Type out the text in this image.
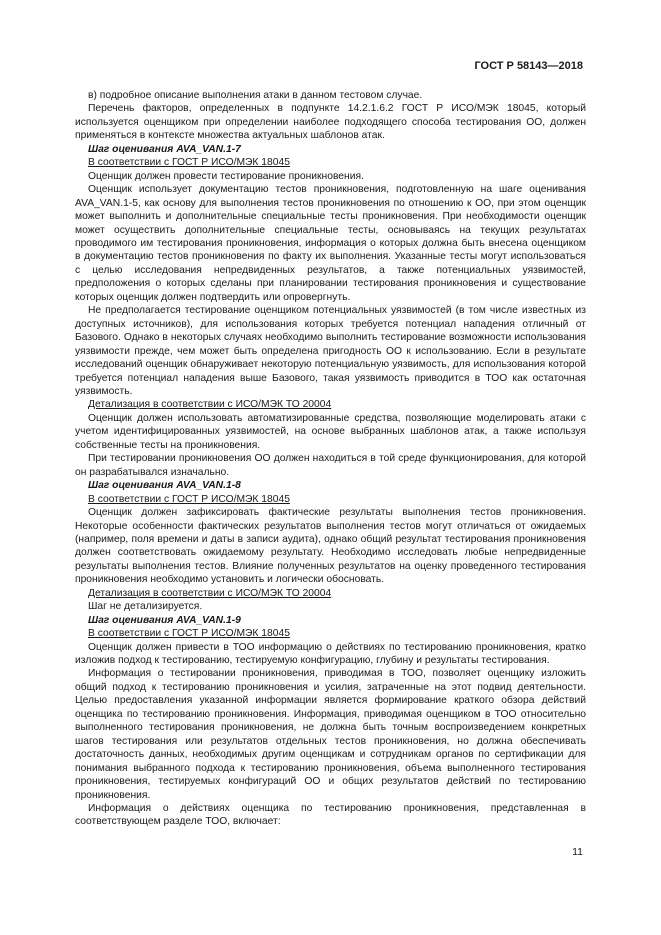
ГОСТ Р 58143—2018

в) подробное описание выполнения атаки в данном тестовом случае.

Перечень факторов, определенных в подпункте 14.2.1.6.2 ГОСТ Р ИСО/МЭК 18045, который используется оценщиком при определении наиболее подходящего способа тестирования ОО, должен применяться в контексте множества актуальных шаблонов атак.

Шаг оценивания AVA_VAN.1-7

В соответствии с ГОСТ Р ИСО/МЭК 18045

Оценщик должен провести тестирование проникновения.

Оценщик использует документацию тестов проникновения, подготовленную на шаге оценивания AVA_VAN.1-5, как основу для выполнения тестов проникновения по отношению к ОО, при этом оценщик может выполнить и дополнительные специальные тесты проникновения. При необходимости оценщик может осуществить дополнительные специальные тесты, основываясь на текущих результатах проводимого им тестирования проникновения, информация о которых должна быть внесена оценщиком в документацию тестов проникновения по факту их выполнения. Указанные тесты могут использоваться с целью исследования непредвиденных результатов, а также потенциальных уязвимостей, предположения о которых сделаны при планировании тестирования проникновения и существование которых оценщик должен подтвердить или опровергнуть.

Не предполагается тестирование оценщиком потенциальных уязвимостей (в том числе известных из доступных источников), для использования которых требуется потенциал нападения отличный от Базового. Однако в некоторых случаях необходимо выполнить тестирование возможности использования уязвимости прежде, чем может быть определена пригодность ОО к использованию. Если в результате исследований оценщик обнаруживает некоторую потенциальную уязвимость, для использования которой требуется потенциал нападения выше Базового, такая уязвимость приводится в ТОО как остаточная уязвимость.

Детализация в соответствии с ИСО/МЭК ТО 20004

Оценщик должен использовать автоматизированные средства, позволяющие моделировать атаки с учетом идентифицированных уязвимостей, на основе выбранных шаблонов атак, а также используя собственные тесты на проникновения.

При тестировании проникновения ОО должен находиться в той среде функционирования, для которой он разрабатывался изначально.

Шаг оценивания AVA_VAN.1-8

В соответствии с ГОСТ Р ИСО/МЭК 18045

Оценщик должен зафиксировать фактические результаты выполнения тестов проникновения. Некоторые особенности фактических результатов выполнения тестов могут отличаться от ожидаемых (например, поля времени и даты в записи аудита), однако общий результат тестирования проникновения должен соответствовать ожидаемому результату. Необходимо исследовать любые непредвиденные результаты выполнения тестов. Влияние полученных результатов на оценку проведенного тестирования проникновения необходимо установить и логически обосновать.

Детализация в соответствии с ИСО/МЭК ТО 20004

Шаг не детализируется.

Шаг оценивания AVA_VAN.1-9

В соответствии с ГОСТ Р ИСО/МЭК 18045

Оценщик должен привести в ТОО информацию о действиях по тестированию проникновения, кратко изложив подход к тестированию, тестируемую конфигурацию, глубину и результаты тестирования.

Информация о тестировании проникновения, приводимая в ТОО, позволяет оценщику изложить общий подход к тестированию проникновения и усилия, затраченные на этот подвид деятельности. Целью предоставления указанной информации является формирование краткого обзора действий оценщика по тестированию проникновения. Информация, приводимая оценщиком в ТОО относительно выполненного тестирования проникновения, не должна быть точным воспроизведением конкретных шагов тестирования или результатов отдельных тестов проникновения, но должна обеспечивать достаточность данных, необходимых другим оценщикам и сотрудникам органов по сертификации для понимания выбранного подхода к тестированию проникновения, объема выполненного тестирования проникновения, тестируемых конфигураций ОО и общих результатов действий по тестированию проникновения.

Информация о действиях оценщика по тестированию проникновения, представленная в соответствующем разделе ТОО, включает:

11
